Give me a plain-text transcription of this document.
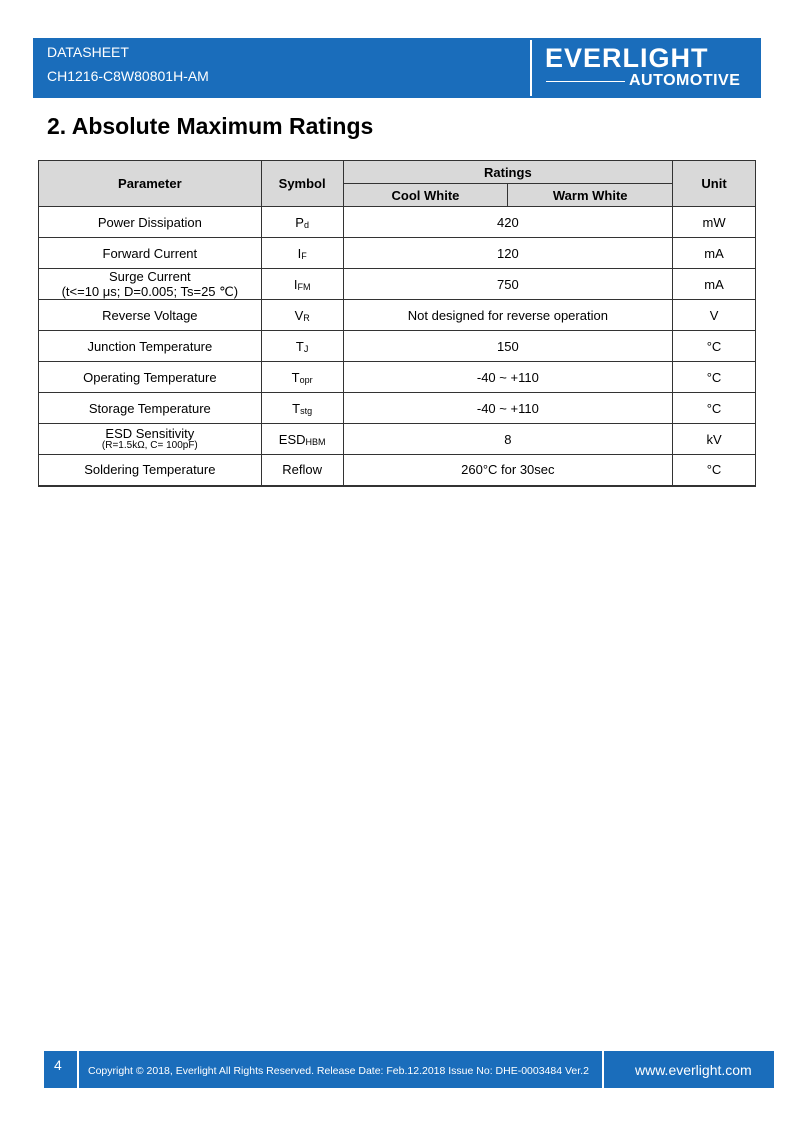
DATASHEET
CH1216-C8W80801H-AM
EVERLIGHT
AUTOMOTIVE
2. Absolute Maximum Ratings
Parameter	Symbol	Ratings		Unit
		Cool White	Warm White	
Power Dissipation	$P_d$	420		mW
Forward Current	$I_F$	120		mA
Surge Current
(t<=10 μs; D=0.005; Ts=25 ℃)	$I_{FM}$	750		mA
Reverse Voltage	$V_R$	Not designed for reverse operation		V
Junction Temperature	$T_J$	150		°C
Operating Temperature	$T_{opr}$	-40 ~ +110		°C
Storage Temperature	$T_{stg}$	-40 ~ +110		°C

ESD Sensitivity
(R=1.5kΩ, C= 100pF)	$ESD_{HBM}$	8		kV
Soldering Temperature	Reflow	260°C for 30sec		°C
4 Copyright © 2018, Everlight All Rights Reserved. Release Date: Feb.12.2018 Issue No: DHE-0003484 Ver.2	www.everlight.com
